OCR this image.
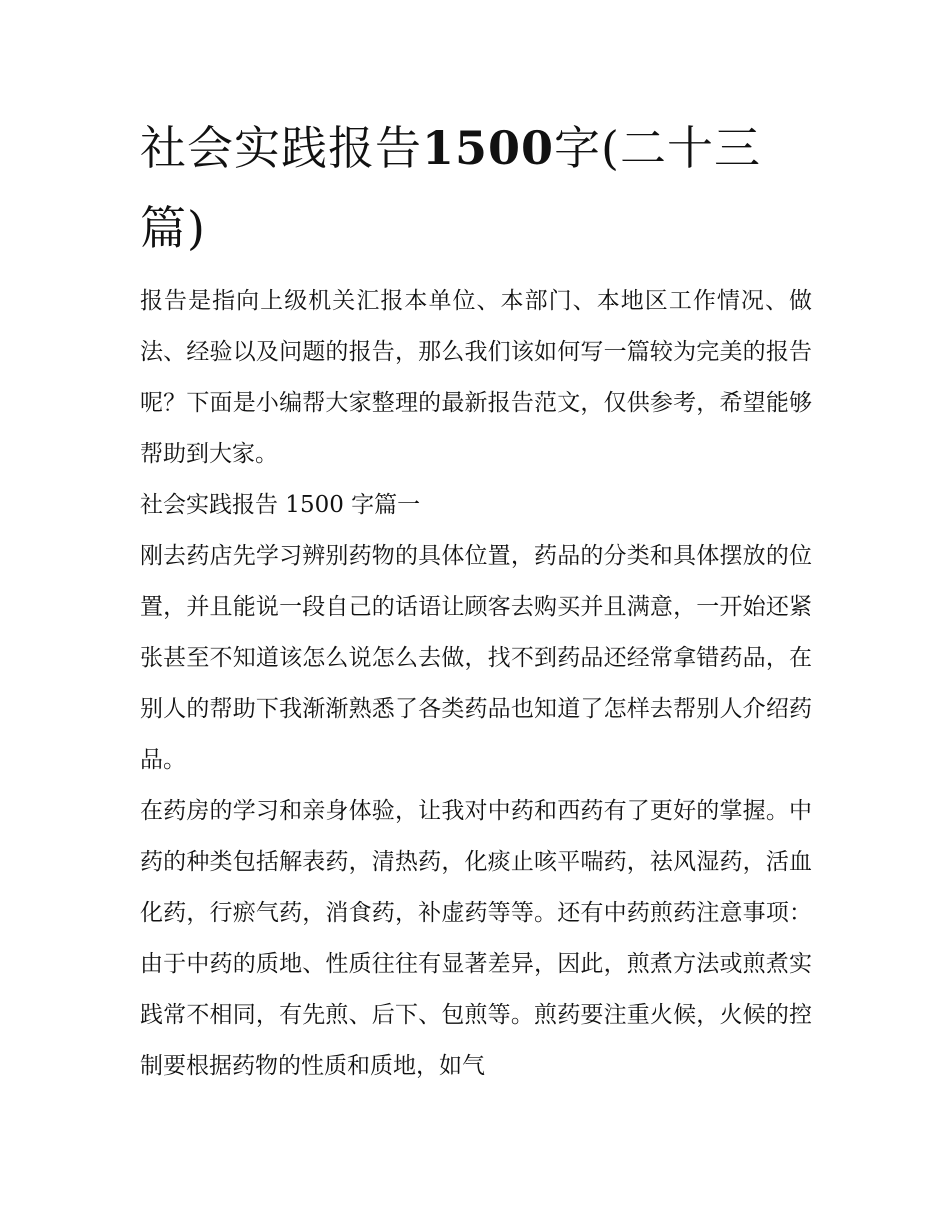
社会实践报告1500字(二十三篇)

报告是指向上级机关汇报本单位、本部门、本地区工作情况、做法、经验以及问题的报告，那么我们该如何写一篇较为完美的报告呢？下面是小编帮大家整理的最新报告范文，仅供参考，希望能够帮助到大家。

社会实践报告 1500 字篇一

刚去药店先学习辨别药物的具体位置，药品的分类和具体摆放的位置，并且能说一段自己的话语让顾客去购买并且满意，一开始还紧张甚至不知道该怎么说怎么去做，找不到药品还经常拿错药品，在别人的帮助下我渐渐熟悉了各类药品也知道了怎样去帮别人介绍药品。

在药房的学习和亲身体验，让我对中药和西药有了更好的掌握。中药的种类包括解表药，清热药，化痰止咳平喘药，祛风湿药，活血化药，行瘀气药，消食药，补虚药等等。还有中药煎药注意事项：由于中药的质地、性质往往有显著差异，因此，煎煮方法或煎煮实践常不相同，有先煎、后下、包煎等。煎药要注重火候，火候的控制要根据药物的性质和质地，如气
